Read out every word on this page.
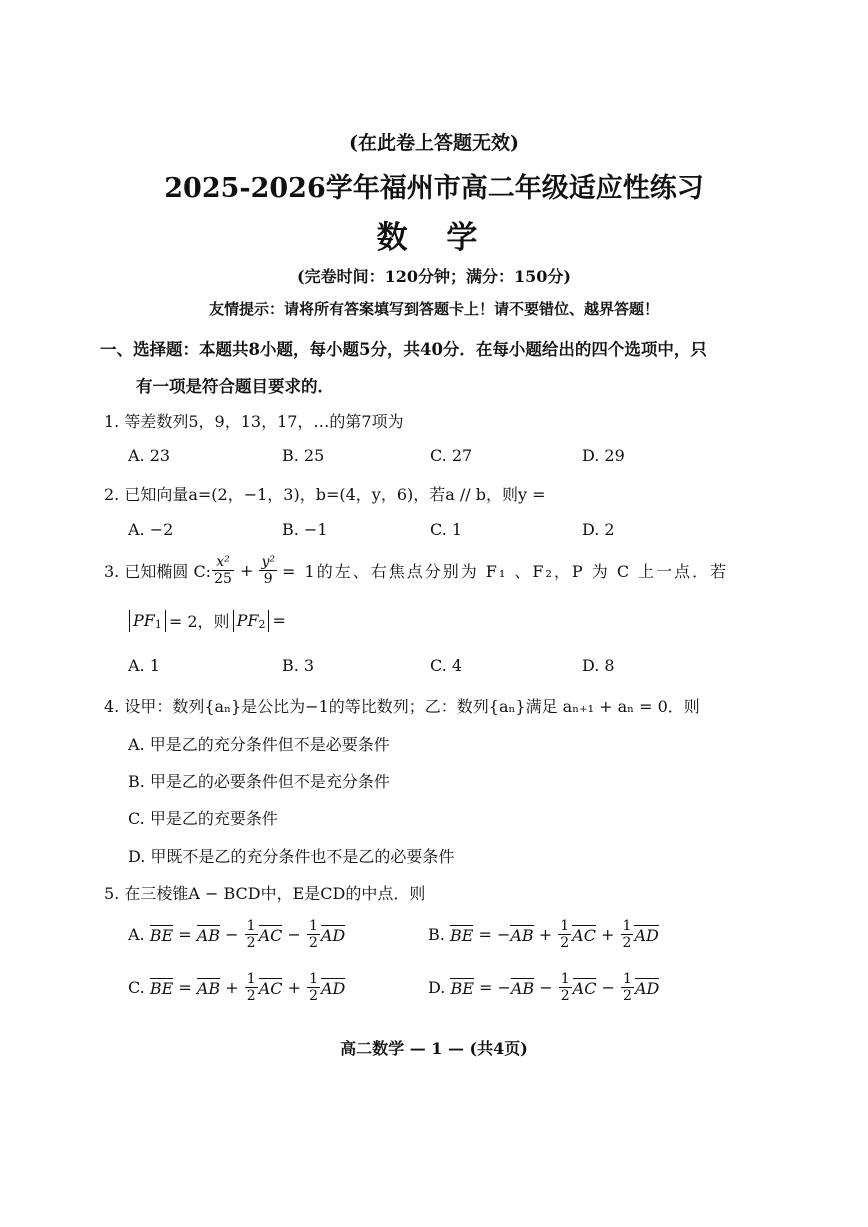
(在此卷上答题无效)
2025-2026学年福州市高二年级适应性练习
数 学
(完卷时间：120分钟；满分：150分)
友情提示：请将所有答案填写到答题卡上！请不要错位、越界答题！
一、选择题：本题共8小题，每小题5分，共40分．在每小题给出的四个选项中，只
有一项是符合题目要求的．
1. 等差数列5，9，13，17，…的第7项为
A. 23	B. 25	C. 27	D. 29
2. 已知向量a=(2，−1，3)，b=(4，y，6)，若a // b，则y =
A. −2	B. −1	C. 1	D. 2
3. 已知椭圆 C: $\frac{\text{x²}}{25} + \frac{\text{y²}}{9} = 1$的左、右焦点分别为 F₁ 、F₂，P 为 C 上一点．若
PF 1 = 2，则 PF 2 =
A. 1	B. 3	C. 4	D. 8
4. 设甲：数列{aₙ}是公比为−1的等比数列；乙：数列{aₙ}满足 aₙ₊₁ + aₙ = 0．则
A. 甲是乙的充分条件但不是必要条件
B. 甲是乙的必要条件但不是充分条件
C. 甲是乙的充要条件
D. 甲既不是乙的充分条件也不是乙的必要条件
5. 在三棱锥A − BCD中，E是CD的中点．则
A.
BE = AB − $\frac{1}{2}$ AC − $\frac{1}{2}$ AD	B.
BE = − AB + $\frac{1}{2}$ AC + $\frac{1}{2}$ AD
C.
BE = AB + $\frac{1}{2}$ AC + $\frac{1}{2}$ AD	D.
BE = − AB − $\frac{1}{2}$ AC − $\frac{1}{2}$ AD
高二数学 — 1 — (共4页)
